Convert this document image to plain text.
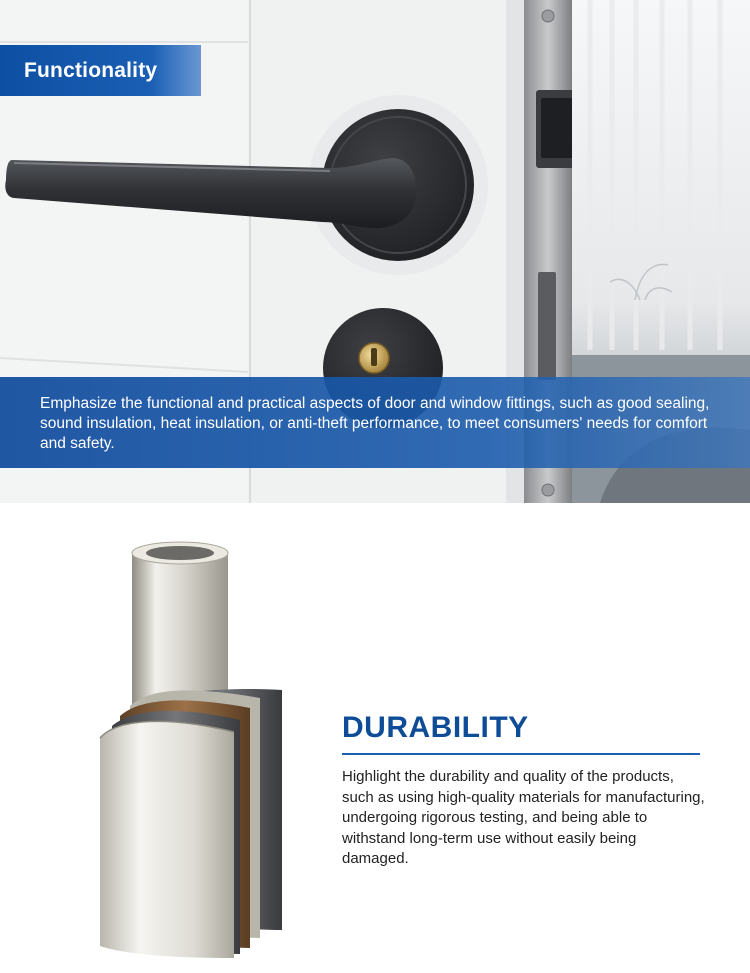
Functionality

Emphasize the functional and practical aspects of door and window fittings, such as good sealing, sound insulation, heat insulation, or anti-theft performance, to meet consumers' needs for comfort and safety.

DURABILITY

Highlight the durability and quality of the products, such as using high-quality materials for manufacturing, undergoing rigorous testing, and being able to withstand long-term use without easily being damaged.
